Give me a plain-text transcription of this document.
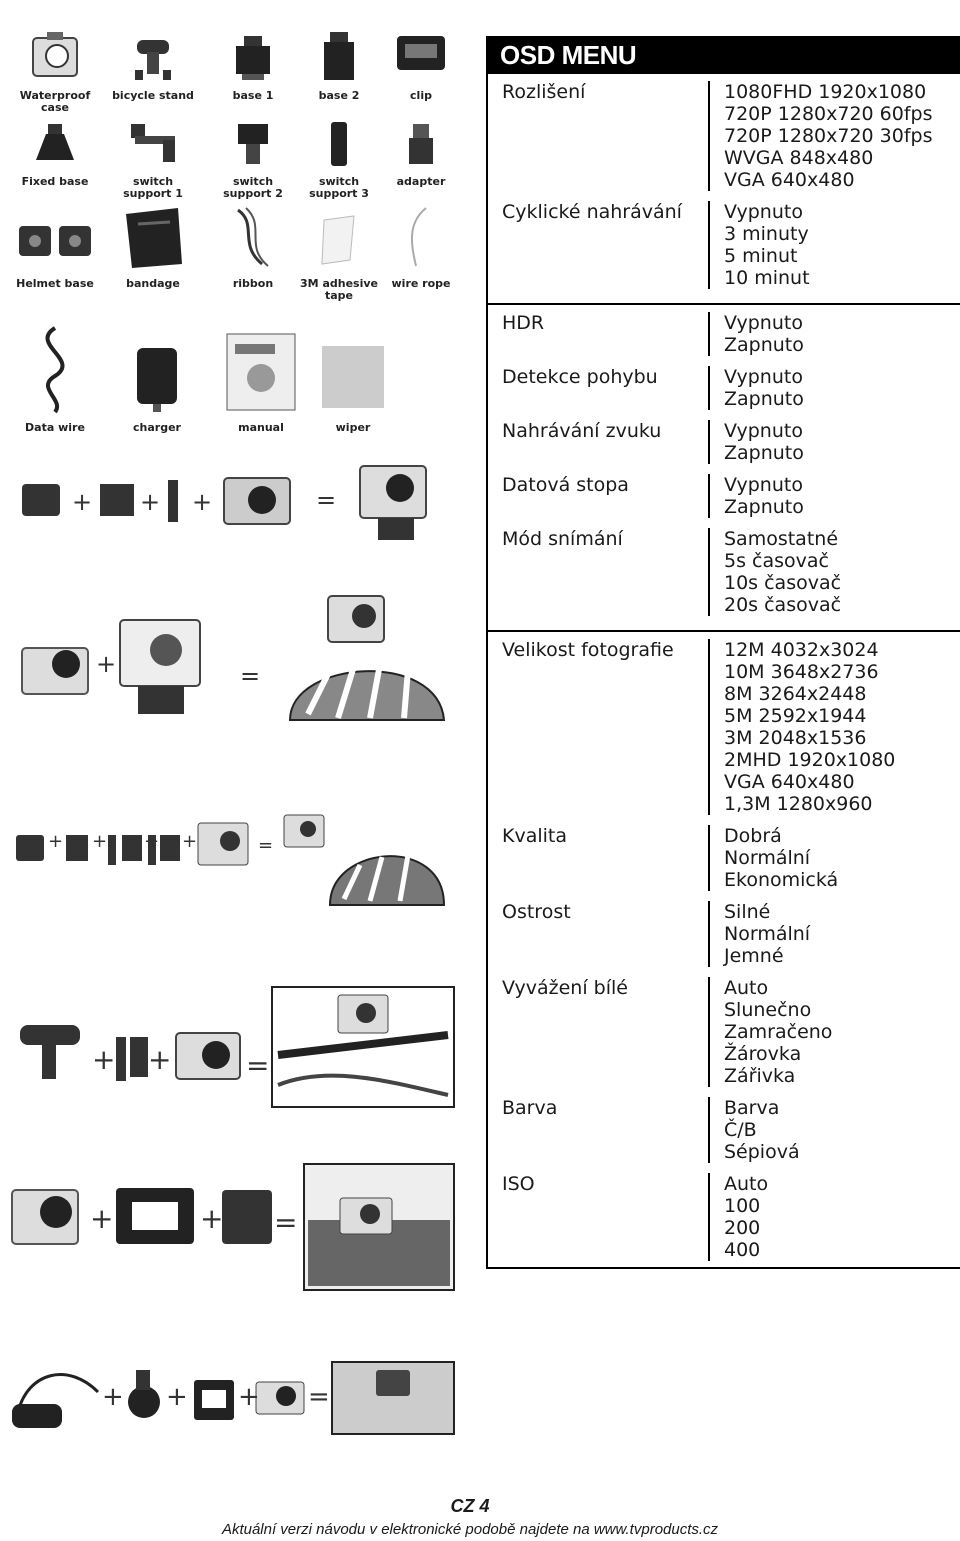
Waterproof case
bicycle stand	base 1	base 2	clip
Fixed base	switch support 1
switch support 2
switch support 3
adapter
Helmet base	bandage	ribbon	3M adhesive tape
wire rope
Data wire	charger	manual	wiper
+ + +	=
+	=
+ + + +	=
+ +	=
+	+ =
+ + + =
OSD MENU
Rozlišení	1080FHD 1920x1080
720P 1280x720 60fps
720P 1280x720 30fps
WVGA 848x480
VGA 640x480
Cyklické nahrávání	Vypnuto
3 minuty
5 minut
10 minut
HDR	Vypnuto
Zapnuto
Detekce pohybu	Vypnuto
Zapnuto
Nahrávání zvuku	Vypnuto
Zapnuto
Datová stopa	Vypnuto
Zapnuto
Mód snímání	Samostatné
5s časovač
10s časovač
20s časovač
Velikost fotografie	12M 4032x3024
10M 3648x2736
8M 3264x2448
5M 2592x1944
3M 2048x1536
2MHD 1920x1080
VGA 640x480
1,3M 1280x960
Kvalita	Dobrá
Normální
Ekonomická
Ostrost	Silné
Normální
Jemné
Vyvážení bílé	Auto
Slunečno
Zamračeno
Žárovka
Zářivka
Barva	Barva
Č/B
Sépiová
ISO	Auto
100
200
400
CZ 4
Aktuální verzi návodu v elektronické podobě najdete na www.tvproducts.cz
